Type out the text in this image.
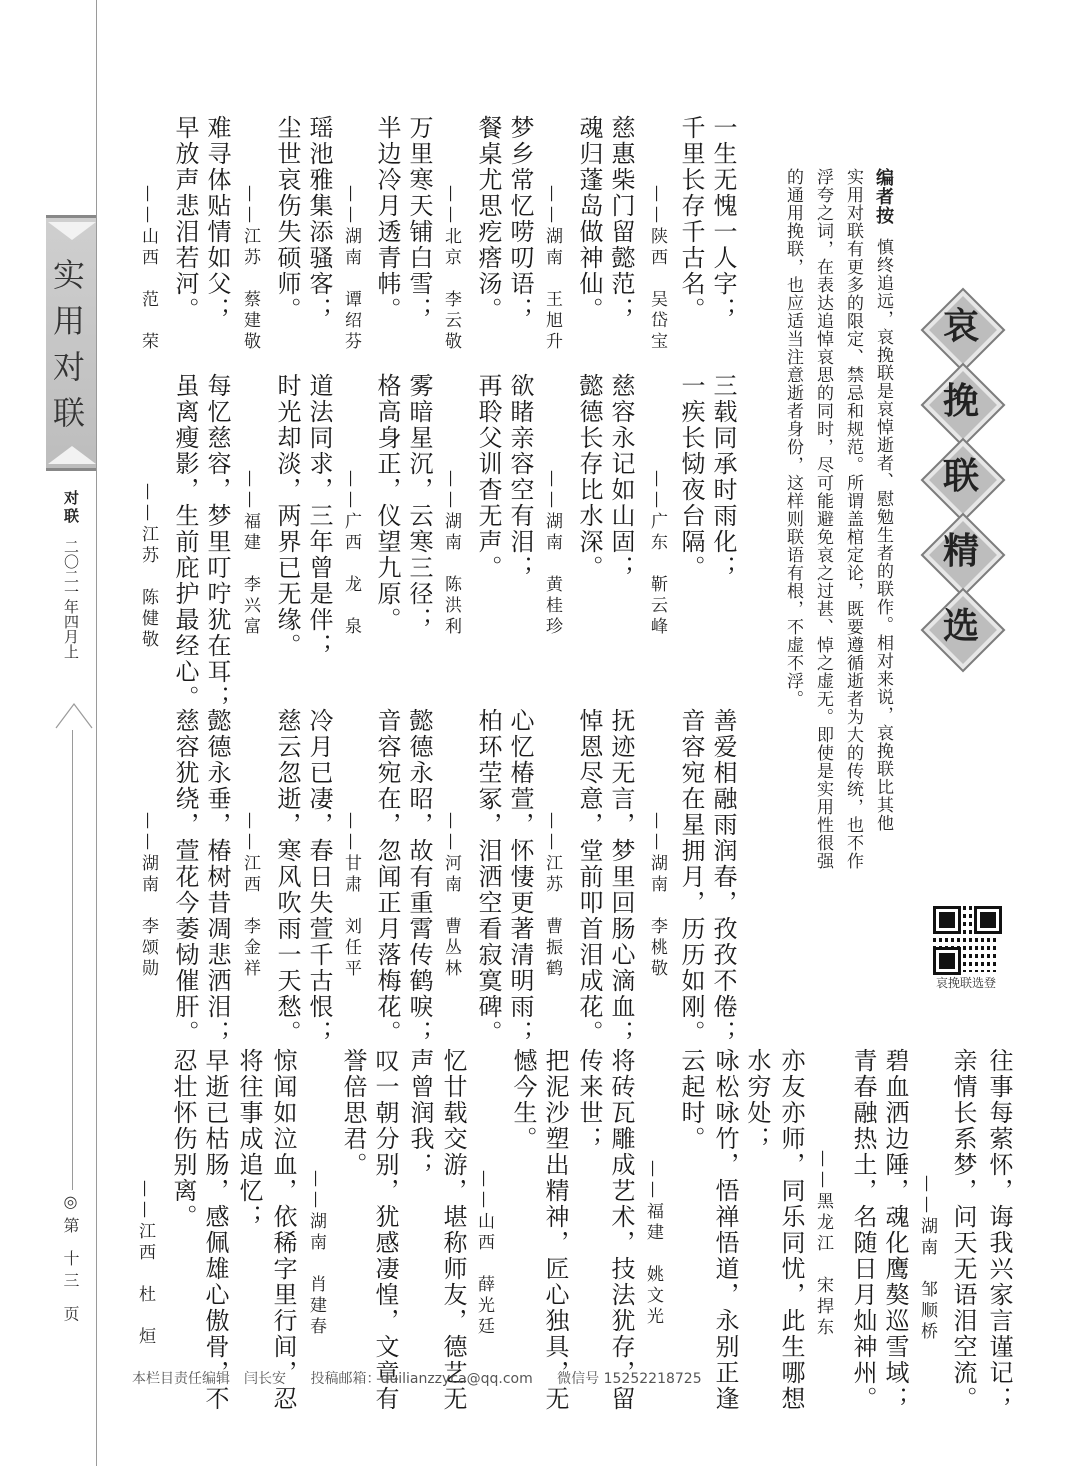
实用对联
对联 二〇二一年四月上
◎第 十三 页
哀
挽
联
精
选
编者按  慎终追远，哀挽联是哀悼逝者、慰勉生者的联作。相对来说，哀挽联比其他
实用对联有更多的限定、禁忌和规范。所谓盖棺定论，既要遵循逝者为大的传统，也不作
浮夸之词，在表达追悼哀思的同时，尽可能避免哀之过甚、悼之虚无。即使是实用性很强
的通用挽联，也应适当注意逝者身份，这样则联语有根，不虚不浮。
哀挽联选登
一生无愧一人字；
千里长存千古名。
——陕西　吴岱宝
慈惠柴门留懿范；
魂归蓬岛做神仙。
——湖南　王旭升
梦乡常忆唠叨语；
餐桌尤思疙瘩汤。
——北京　李云敬
万里寒天铺白雪；
半边冷月透青帏。
——湖南　谭绍芬
瑶池雅集添骚客；
尘世哀伤失硕师。
——江苏　蔡建敬
难寻体贴情如父；
早放声悲泪若河。
——山西　范　荣
三载同承时雨化；
一疾长恸夜台隔。
——广东　靳云峰
慈容永记如山固；
懿德长存比水深。
——湖南　黄桂珍
欲睹亲容空有泪；
再聆父训杳无声。
——湖南　陈洪利
雾暗星沉，云寒三径；
格高身正，仪望九原。
——广西　龙　泉
道法同求，三年曾是伴；
时光却淡，两界已无缘。
——福建　李兴富
每忆慈容，梦里叮咛犹在耳；
虽离瘦影，生前庇护最经心。
——江苏　陈健敬
善爱相融雨润春，孜孜不倦；
音容宛在星拥月，历历如刚。
——湖南　李桃敬
抚迹无言，梦里回肠心滴血；
悼恩尽意，堂前叩首泪成花。
——江苏　曹振鹤
心忆椿萱，怀悽更著清明雨；
柏环茔冢，泪洒空看寂寞碑。
——河南　曹丛林
懿德永昭，故有重霄传鹤唳；
音容宛在，忽闻正月落梅花。
——甘肃　刘任平
冷月已凄，春日失萱千古恨；
慈云忽逝，寒风吹雨一天愁。
——江西　李金祥
懿德永垂，椿树昔凋悲洒泪；
慈容犹绕，萱花今萎恸催肝。
——湖南　李颂勋
往事每萦怀，诲我兴家言谨记；
亲情长系梦，问天无语泪空流。
——湖南　邹顺桥
碧血洒边陲，魂化鹰獒巡雪域；
青春融热土，名随日月灿神州。
——黑龙江　宋捍东
亦友亦师，同乐同忧，此生哪想
水穷处；
咏松咏竹，悟禅悟道，永别正逢
云起时。
——福建　姚文光
将砖瓦雕成艺术，技法犹存，留
传来世；
把泥沙塑出精神，匠心独具，无
憾今生。
——山西　薛光廷
忆廿载交游，堪称师友，德艺无
声曾润我；
叹一朝分别，犹感凄惶，文章有
誉倍思君。
——湖南　肖建春
惊闻如泣血，依稀字里行间，忍
将往事成追忆；
早逝已枯肠，感佩雄心傲骨，不
忍壮怀伤别离。
——江西　杜　烜
本栏目责任编辑　闫长安 投稿邮箱：duilianzzyca@qq.com 微信号 15252218725
